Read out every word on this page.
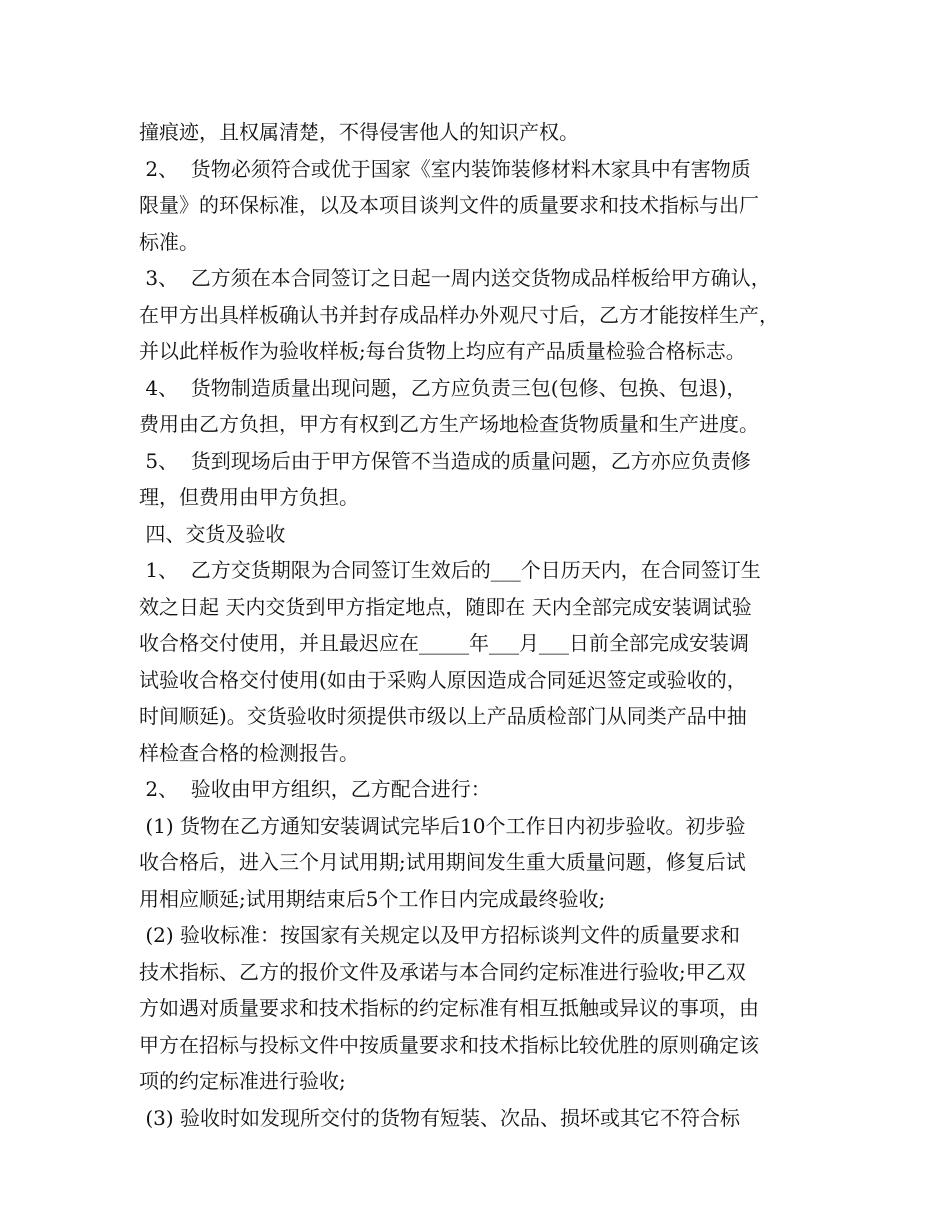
撞痕迹，且权属清楚，不得侵害他人的知识产权。
2、  货物必须符合或优于国家《室内装饰装修材料木家具中有害物质
限量》的环保标准，以及本项目谈判文件的质量要求和技术指标与出厂
标准。
3、  乙方须在本合同签订之日起一周内送交货物成品样板给甲方确认，
在甲方出具样板确认书并封存成品样办外观尺寸后，乙方才能按样生产，
并以此样板作为验收样板;每台货物上均应有产品质量检验合格标志。
4、  货物制造质量出现问题，乙方应负责三包(包修、包换、包退)，
费用由乙方负担，甲方有权到乙方生产场地检查货物质量和生产进度。
5、  货到现场后由于甲方保管不当造成的质量问题，乙方亦应负责修
理，但费用由甲方负担。
四、交货及验收
1、  乙方交货期限为合同签订生效后的___个日历天内，在合同签订生
效之日起 天内交货到甲方指定地点，随即在 天内全部完成安装调试验
收合格交付使用，并且最迟应在_____年___月___日前全部完成安装调
试验收合格交付使用(如由于采购人原因造成合同延迟签定或验收的，
时间顺延)。交货验收时须提供市级以上产品质检部门从同类产品中抽
样检查合格的检测报告。
2、  验收由甲方组织，乙方配合进行：
(1) 货物在乙方通知安装调试完毕后10个工作日内初步验收。初步验
收合格后，进入三个月试用期;试用期间发生重大质量问题，修复后试
用相应顺延;试用期结束后5个工作日内完成最终验收;
(2) 验收标准：按国家有关规定以及甲方招标谈判文件的质量要求和
技术指标、乙方的报价文件及承诺与本合同约定标准进行验收;甲乙双
方如遇对质量要求和技术指标的约定标准有相互抵触或异议的事项，由
甲方在招标与投标文件中按质量要求和技术指标比较优胜的原则确定该
项的约定标准进行验收;
(3) 验收时如发现所交付的货物有短装、次品、损坏或其它不符合标
